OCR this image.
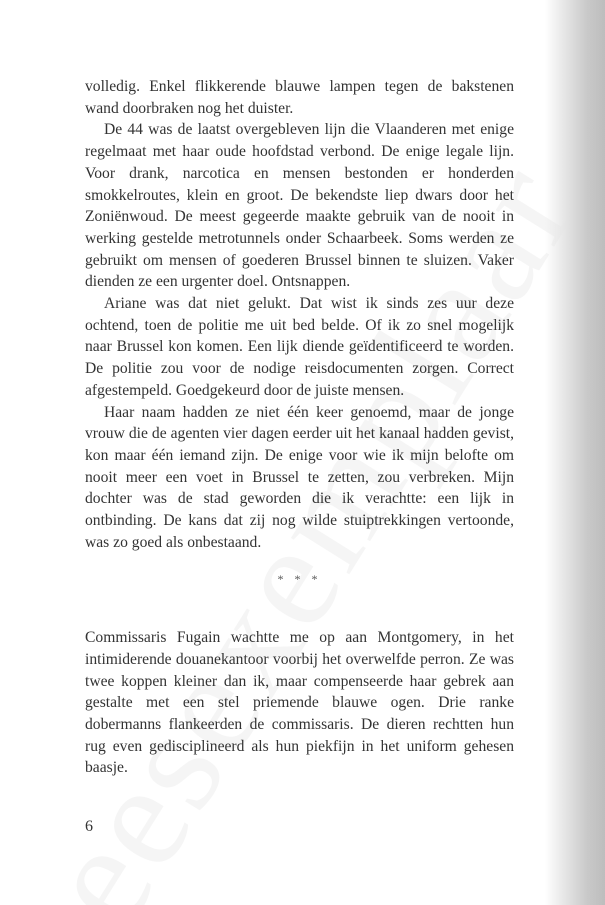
volledig. Enkel flikkerende blauwe lampen tegen de bakstenen wand doorbraken nog het duister.

De 44 was de laatst overgebleven lijn die Vlaanderen met enige regelmaat met haar oude hoofdstad verbond. De enige legale lijn. Voor drank, narcotica en mensen bestonden er honderden smokkelroutes, klein en groot. De bekendste liep dwars door het Zoniënwoud. De meest gegeerde maakte gebruik van de nooit in werking gestelde metrotunnels onder Schaarbeek. Soms werden ze gebruikt om mensen of goederen Brussel binnen te sluizen. Vaker dienden ze een urgenter doel. Ontsnappen.

Ariane was dat niet gelukt. Dat wist ik sinds zes uur deze ochtend, toen de politie me uit bed belde. Of ik zo snel mogelijk naar Brussel kon komen. Een lijk diende geïdentificeerd te worden. De politie zou voor de nodige reisdocumenten zorgen. Correct afgestempeld. Goedgekeurd door de juiste mensen.

Haar naam hadden ze niet één keer genoemd, maar de jonge vrouw die de agenten vier dagen eerder uit het kanaal hadden gevist, kon maar één iemand zijn. De enige voor wie ik mijn belofte om nooit meer een voet in Brussel te zetten, zou verbreken. Mijn dochter was de stad geworden die ik verachtte: een lijk in ontbinding. De kans dat zij nog wilde stuiptrekkingen vertoonde, was zo goed als onbestaand.

* * *

Commissaris Fugain wachtte me op aan Montgomery, in het intimiderende douanekantoor voorbij het overwelfde perron. Ze was twee koppen kleiner dan ik, maar compenseerde haar gebrek aan gestalte met een stel priemende blauwe ogen. Drie ranke dobermanns flankeerden de commissaris. De dieren rechtten hun rug even gedisciplineerd als hun piekfijn in het uniform gehesen baasje.

6
